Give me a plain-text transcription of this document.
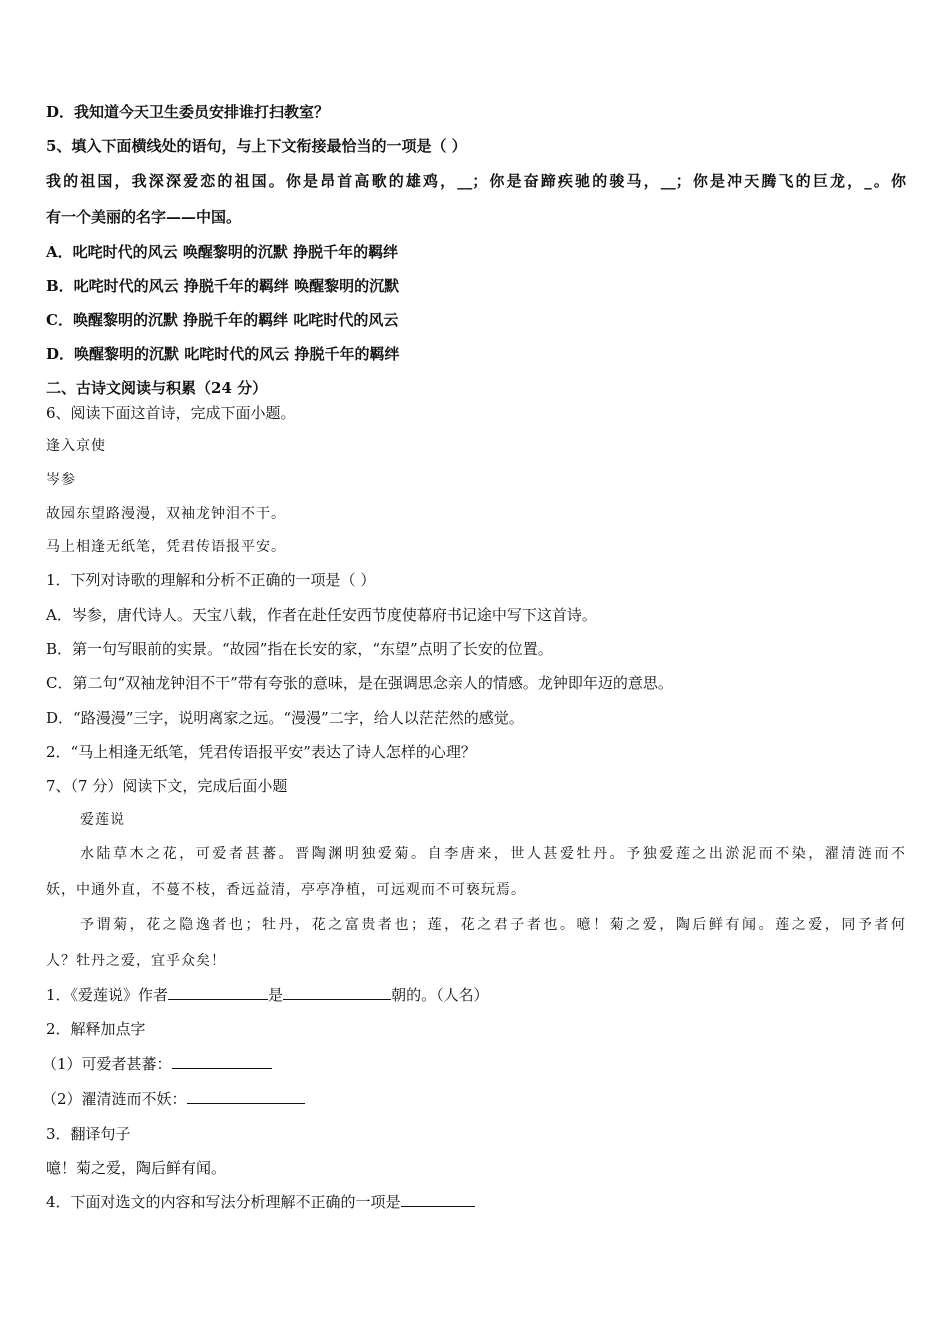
D．我知道今天卫生委员安排谁打扫教室？
5、填入下面横线处的语句，与上下文衔接最恰当的一项是（ ）
我的祖国，我深深爱恋的祖国。你是昂首高歌的雄鸡，__；你是奋蹄疾驰的骏马，__；你是冲天腾飞的巨龙，_。你
有一个美丽的名字——中国。
A．叱咤时代的风云 唤醒黎明的沉默 挣脱千年的羁绊
B．叱咤时代的风云 挣脱千年的羁绊 唤醒黎明的沉默
C．唤醒黎明的沉默 挣脱千年的羁绊 叱咤时代的风云
D．唤醒黎明的沉默 叱咤时代的风云 挣脱千年的羁绊
二、古诗文阅读与积累（24 分）
6、阅读下面这首诗，完成下面小题。
逢入京使
岑参
故园东望路漫漫，双袖龙钟泪不干。
马上相逢无纸笔，凭君传语报平安。
1．下列对诗歌的理解和分析不正确的一项是（ ）
A．岑参，唐代诗人。天宝八载，作者在赴任安西节度使幕府书记途中写下这首诗。
B．第一句写眼前的实景。“故园”指在长安的家，“东望”点明了长安的位置。
C．第二句“双袖龙钟泪不干”带有夸张的意味，是在强调思念亲人的情感。龙钟即年迈的意思。
D．“路漫漫”三字，说明离家之远。“漫漫”二字，给人以茫茫然的感觉。
2．“马上相逢无纸笔，凭君传语报平安”表达了诗人怎样的心理？
7、（7 分）阅读下文，完成后面小题
爱莲说
水陆草木之花，可爱者甚蕃。晋陶渊明独爱菊。自李唐来，世人甚爱牡丹。予独爱莲之出淤泥而不染，濯清涟而不
妖，中通外直，不蔓不枝，香远益清，亭亭净植，可远观而不可亵玩焉。
予谓菊，花之隐逸者也；牡丹，花之富贵者也；莲，花之君子者也。噫！菊之爱，陶后鲜有闻。莲之爱，同予者何
人？牡丹之爱，宜乎众矣！
1．《爱莲说》作者	是	朝的。（人名）
2．解释加点字
（1）可爱者甚蕃：
（2）濯清涟而不妖：
3．翻译句子
噫！菊之爱，陶后鲜有闻。
4．下面对选文的内容和写法分析理解不正确的一项是
